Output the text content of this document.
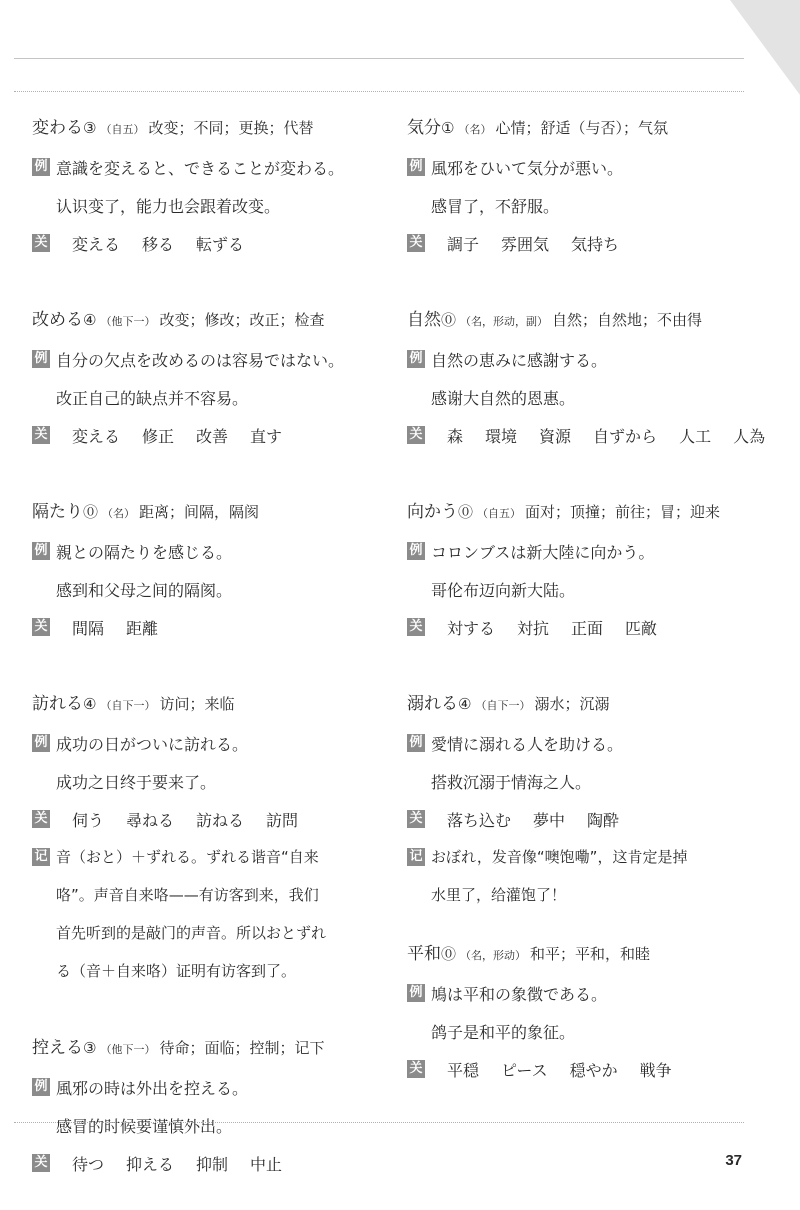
変わる③ （自五） 改变；不同；更换；代替
例 意識を変えると、できることが変わる。
认识变了，能力也会跟着改变。
关 変える 移る 転ずる
改める④ （他下一） 改变；修改；改正；检查
例 自分の欠点を改めるのは容易ではない。
改正自己的缺点并不容易。
关 変える 修正 改善 直す
隔たり⓪ （名） 距离；间隔，隔阂
例 親との隔たりを感じる。
感到和父母之间的隔阂。
关 間隔 距離
訪れる④ （自下一） 访问；来临
例 成功の日がついに訪れる。
成功之日终于要来了。
关 伺う 尋ねる 訪ねる 訪問

记 音（おと）＋ずれる。ずれる谐音“自来

咯”。声音自来咯——有访客到来，我们

首先听到的是敲门的声音。所以おとずれ

る（音＋自来咯）证明有访客到了。

控える③ （他下一） 待命；面临；控制；记下
例 風邪の時は外出を控える。
感冒的时候要谨慎外出。
关 待つ 抑える 抑制 中止
気分① （名） 心情；舒适（与否）；气氛
例 風邪をひいて気分が悪い。
感冒了，不舒服。
关 調子 雰囲気 気持ち
自然⓪ （名，形动，副） 自然；自然地；不由得
例 自然の恵みに感謝する。
感谢大自然的恩惠。
关 森 環境 資源 自ずから 人工 人為
向かう⓪ （自五） 面对；顶撞；前往；冒；迎来
例 コロンブスは新大陸に向かう。
哥伦布迈向新大陆。
关 対する 対抗 正面 匹敵
溺れる④ （自下一） 溺水；沉溺
例 愛情に溺れる人を助ける。
搭救沉溺于情海之人。
关 落ち込む 夢中 陶酔

记 おぼれ，发音像“噢饱嘞”，这肯定是掉

水里了，给灌饱了！

平和⓪ （名，形动） 和平；平和，和睦
例 鳩は平和の象徴である。
鸽子是和平的象征。
关 平穏 ピース 穏やか 戦争
37
